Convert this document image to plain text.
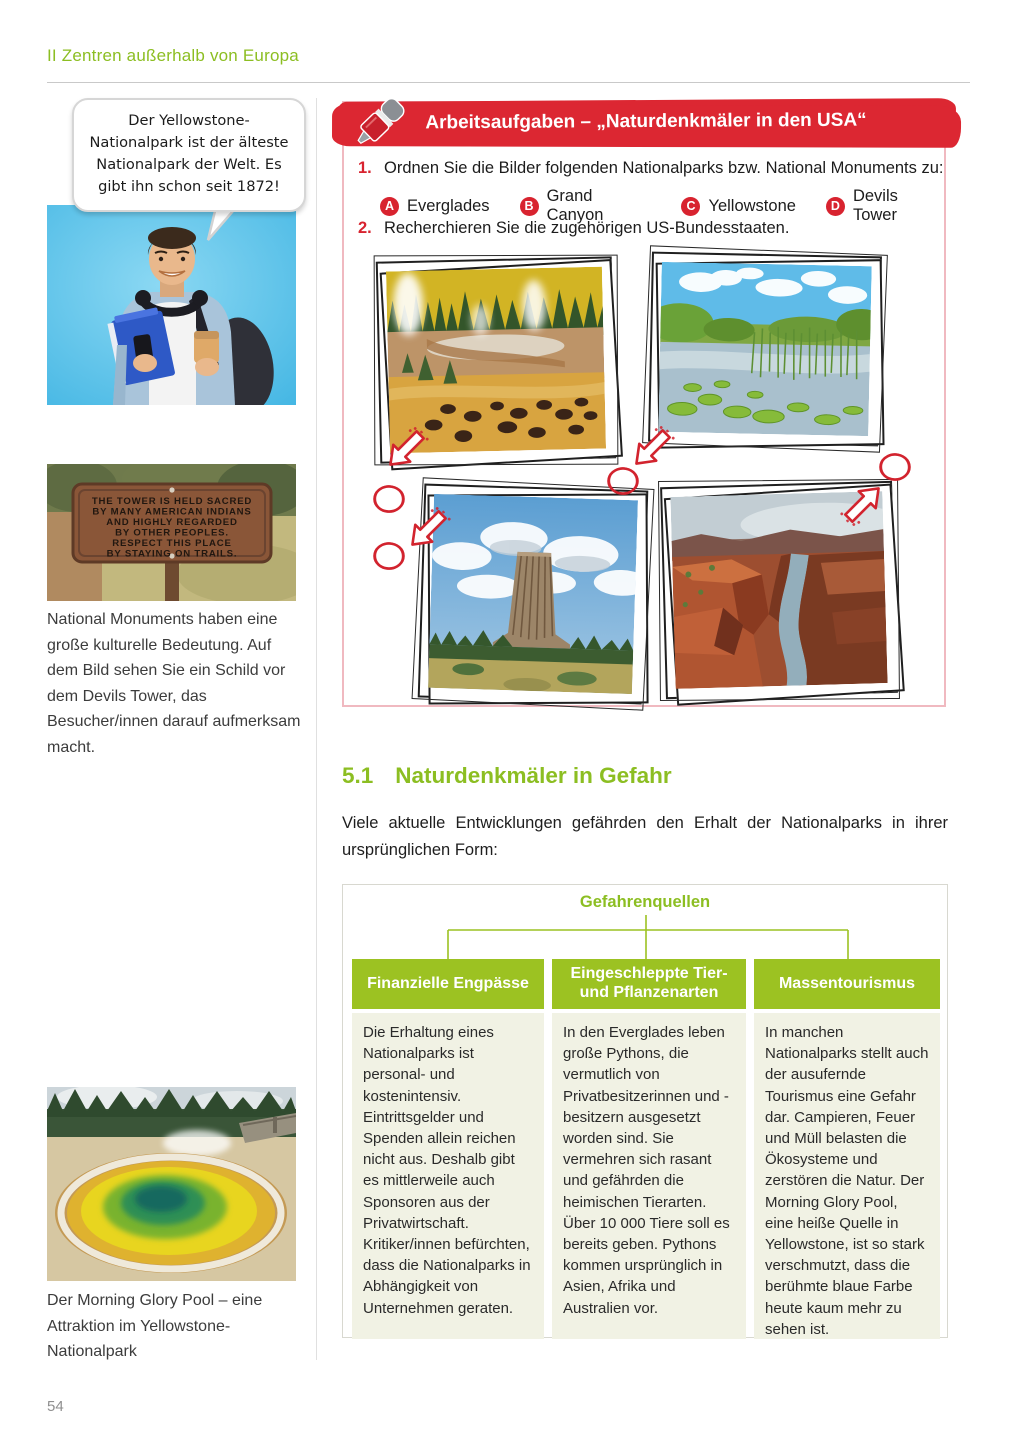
II Zentren außerhalb von Europa
Der Yellowstone-Nationalpark ist der älteste Nationalpark der Welt. Es gibt ihn schon seit 1872!
THE TOWER IS HELD SACRED
BY MANY AMERICAN INDIANS
AND HIGHLY REGARDED
BY OTHER PEOPLES.
RESPECT THIS PLACE
BY STAYING ON TRAILS.
National Monuments haben eine große kulturelle Bedeutung. Auf dem Bild sehen Sie ein Schild vor dem Devils Tower, das Besucher/innen darauf aufmerksam macht.
Der Morning Glory Pool – eine Attraktion im Yellowstone-Nationalpark
54
Arbeitsaufgaben – „Naturdenkmäler in den USA“
1. Ordnen Sie die Bilder folgenden Nationalparks bzw. National Monuments zu:
A Everglades	B
Grand Canyon	C Yellowstone	D
Devils Tower
2. Recherchieren Sie die zugehörigen US-Bundesstaaten.
5.1 Naturdenkmäler in Gefahr
Viele aktuelle Entwicklungen gefährden den Erhalt der Nationalparks in ihrer ursprünglichen Form:
Gefahrenquellen
Finanzielle Engpässe
Eingeschleppte Tier- und Pflanzenarten
Massentourismus
Die Erhaltung eines Nationalparks ist personal- und kostenintensiv. Eintrittsgelder und Spenden allein reichen nicht aus. Deshalb gibt es mittlerweile auch Sponsoren aus der Privatwirtschaft. Kritiker/innen befürchten, dass die Nationalparks in Abhängigkeit von Unternehmen geraten.
In den Everglades leben große Pythons, die vermutlich von Privatbesitzerinnen und -besitzern ausgesetzt worden sind. Sie vermehren sich rasant und gefährden die heimischen Tierarten. Über 10 000 Tiere soll es bereits geben. Pythons kommen ursprünglich in Asien, Afrika und Australien vor.
In manchen Nationalparks stellt auch der ausufernde Tourismus eine Gefahr dar. Campieren, Feuer und Müll belasten die Ökosysteme und zerstören die Natur. Der Morning Glory Pool, eine heiße Quelle in Yellowstone, ist so stark verschmutzt, dass die berühmte blaue Farbe heute kaum mehr zu sehen ist.
